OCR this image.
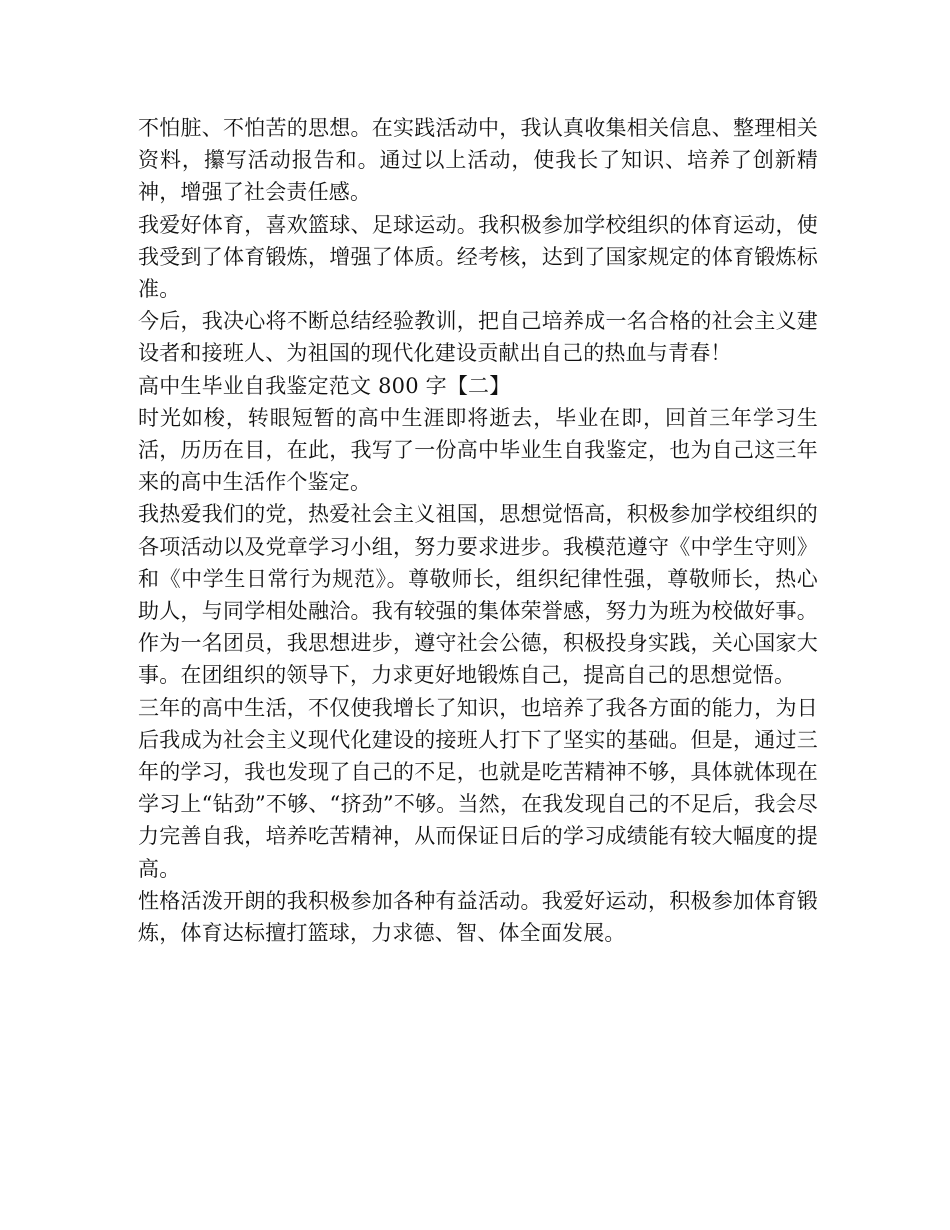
不怕脏、不怕苦的思想。在实践活动中，我认真收集相关信息、整理相关资料，攥写活动报告和。通过以上活动，使我长了知识、培养了创新精神，增强了社会责任感。

我爱好体育，喜欢篮球、足球运动。我积极参加学校组织的体育运动，使我受到了体育锻炼，增强了体质。经考核，达到了国家规定的体育锻炼标准。

今后，我决心将不断总结经验教训，把自己培养成一名合格的社会主义建设者和接班人、为祖国的现代化建设贡献出自己的热血与青春！

高中生毕业自我鉴定范文 800 字【二】

时光如梭，转眼短暂的高中生涯即将逝去，毕业在即，回首三年学习生活，历历在目，在此，我写了一份高中毕业生自我鉴定，也为自己这三年来的高中生活作个鉴定。

我热爱我们的党，热爱社会主义祖国，思想觉悟高，积极参加学校组织的各项活动以及党章学习小组，努力要求进步。我模范遵守《中学生守则》和《中学生日常行为规范》。尊敬师长，组织纪律性强，尊敬师长，热心助人，与同学相处融洽。我有较强的集体荣誉感，努力为班为校做好事。作为一名团员，我思想进步，遵守社会公德，积极投身实践，关心国家大事。在团组织的领导下，力求更好地锻炼自己，提高自己的思想觉悟。

三年的高中生活，不仅使我增长了知识，也培养了我各方面的能力，为日后我成为社会主义现代化建设的接班人打下了坚实的基础。但是，通过三年的学习，我也发现了自己的不足，也就是吃苦精神不够，具体就体现在学习上“钻劲”不够、“挤劲”不够。当然，在我发现自己的不足后，我会尽力完善自我，培养吃苦精神，从而保证日后的学习成绩能有较大幅度的提高。

性格活泼开朗的我积极参加各种有益活动。我爱好运动，积极参加体育锻炼，体育达标擅打篮球，力求德、智、体全面发展。
